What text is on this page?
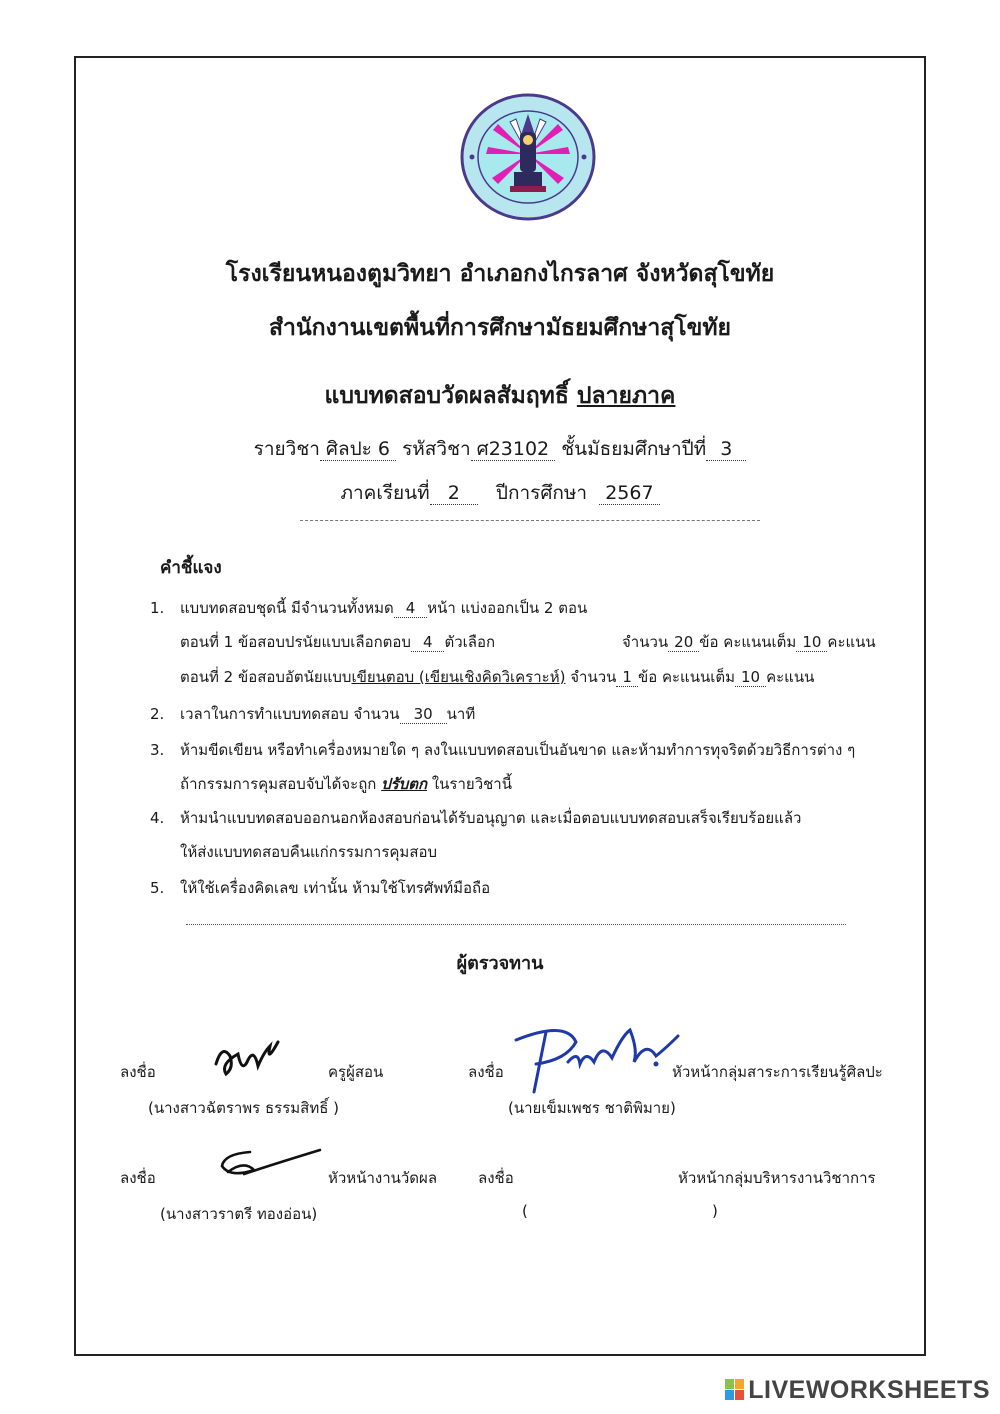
โรงเรียนหนองตูมวิทยา อำเภอกงไกรลาศ จังหวัดสุโขทัย
สำนักงานเขตพื้นที่การศึกษามัธยมศึกษาสุโขทัย
แบบทดสอบวัดผลสัมฤทธิ์ ปลายภาค
รายวิชา ศิลปะ 6 รหัสวิชา ศ23102 ชั้นมัธยมศึกษาปีที่ 3
ภาคเรียนที่ 2 ปีการศึกษา 2567
คำชี้แจง
1. แบบทดสอบชุดนี้ มีจำนวนทั้งหมด 4 หน้า แบ่งออกเป็น 2 ตอน
ตอนที่ 1 ข้อสอบปรนัยแบบเลือกตอบ 4 ตัวเลือก	จำนวน 20 ข้อ คะแนนเต็ม 10 คะแนน
ตอนที่ 2 ข้อสอบอัตนัยแบบเขียนตอบ (เขียนเชิงคิดวิเคราะห์) จำนวน 1 ข้อ คะแนนเต็ม 10 คะแนน
2. เวลาในการทำแบบทดสอบ จำนวน 30 นาที
3. ห้ามขีดเขียน หรือทำเครื่องหมายใด ๆ ลงในแบบทดสอบเป็นอันขาด และห้ามทำการทุจริตด้วยวิธีการต่าง ๆ
ถ้ากรรมการคุมสอบจับได้จะถูก ปรับตก ในรายวิชานี้
4. ห้ามนำแบบทดสอบออกนอกห้องสอบก่อนได้รับอนุญาต และเมื่อตอบแบบทดสอบเสร็จเรียบร้อยแล้ว
ให้ส่งแบบทดสอบคืนแก่กรรมการคุมสอบ
5. ให้ใช้เครื่องคิดเลข เท่านั้น ห้ามใช้โทรศัพท์มือถือ
ผู้ตรวจทาน
ลงชื่อ	ครูผู้สอน
(นางสาวฉัตราพร ธรรมสิทธิ์ )
ลงชื่อ	หัวหน้ากลุ่มสาระการเรียนรู้ศิลปะ
(นายเข็มเพชร ชาติพิมาย)
ลงชื่อ	หัวหน้างานวัดผล
(นางสาวราตรี ทองอ่อน)
ลงชื่อ	หัวหน้ากลุ่มบริหารงานวิชาการ
(	)
LIVEWORKSHEETS
